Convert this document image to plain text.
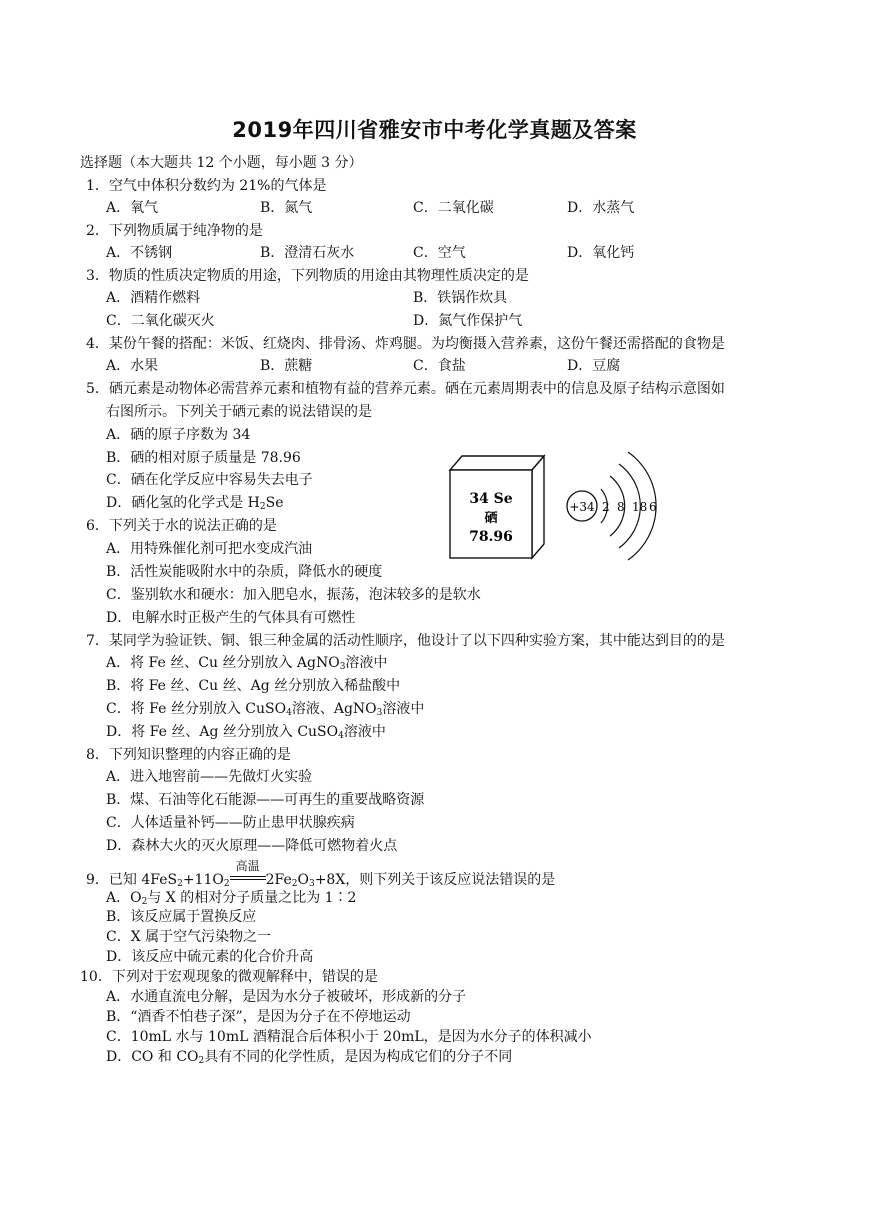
2019年四川省雅安市中考化学真题及答案
选择题（本大题共 12 个小题，每小题 3 分）
1．空气中体积分数约为 21%的气体是
A．氧气	B．氮气	C．二氧化碳	D．水蒸气
2．下列物质属于纯净物的是
A．不锈钢	B．澄清石灰水	C．空气	D．氧化钙
3．物质的性质决定物质的用途，下列物质的用途由其物理性质决定的是
A．酒精作燃料	B．铁锅作炊具
C．二氧化碳灭火	D．氮气作保护气
4．某份午餐的搭配：米饭、红烧肉、排骨汤、炸鸡腿。为均衡摄入营养素，这份午餐还需搭配的食物是
A．水果	B．蔗糖	C．食盐	D．豆腐
5．硒元素是动物体必需营养元素和植物有益的营养元素。硒在元素周期表中的信息及原子结构示意图如
右图所示。下列关于硒元素的说法错误的是
A．硒的原子序数为 34
B．硒的相对原子质量是 78.96
C．硒在化学反应中容易失去电子
D．硒化氢的化学式是 $H_2Se$	34 Se
硒
78.96
+34 2 8 18 6
6．下列关于水的说法正确的是
A．用特殊催化剂可把水变成汽油
B．活性炭能吸附水中的杂质，降低水的硬度
C．鉴别软水和硬水：加入肥皂水，振荡，泡沫较多的是软水
D．电解水时正极产生的气体具有可燃性
7．某同学为验证铁、铜、银三种金属的活动性顺序，他设计了以下四种实验方案，其中能达到目的的是
A．将 Fe 丝、Cu 丝分别放入 AgNO$_3$溶液中
B．将 Fe 丝、Cu 丝、Ag 丝分别放入稀盐酸中
C．将 Fe 丝分别放入 CuSO$_4$溶液、AgNO$_3$溶液中
D．将 Fe 丝、Ag 丝分别放入 CuSO$_4$溶液中
8．下列知识整理的内容正确的是
A．进入地窖前——先做灯火实验
B．煤、石油等化石能源——可再生的重要战略资源
C．人体适量补钙——防止患甲状腺疾病
D．森林大火的灭火原理——降低可燃物着火点
9．已知 $4FeS_2+11O_2$
高温
$2Fe_2O_3+8X$，则下列关于该反应说法错误的是
A．$O_2$与 X 的相对分子质量之比为 1∶2
B．该反应属于置换反应
C．X 属于空气污染物之一
D．该反应中硫元素的化合价升高
10．下列对于宏观现象的微观解释中，错误的是
A．水通直流电分解，是因为水分子被破坏，形成新的分子
B．“酒香不怕巷子深”，是因为分子在不停地运动
C．10mL 水与 10mL 酒精混合后体积小于 20mL，是因为水分子的体积减小
D．CO 和 $CO_2$具有不同的化学性质，是因为构成它们的分子不同
